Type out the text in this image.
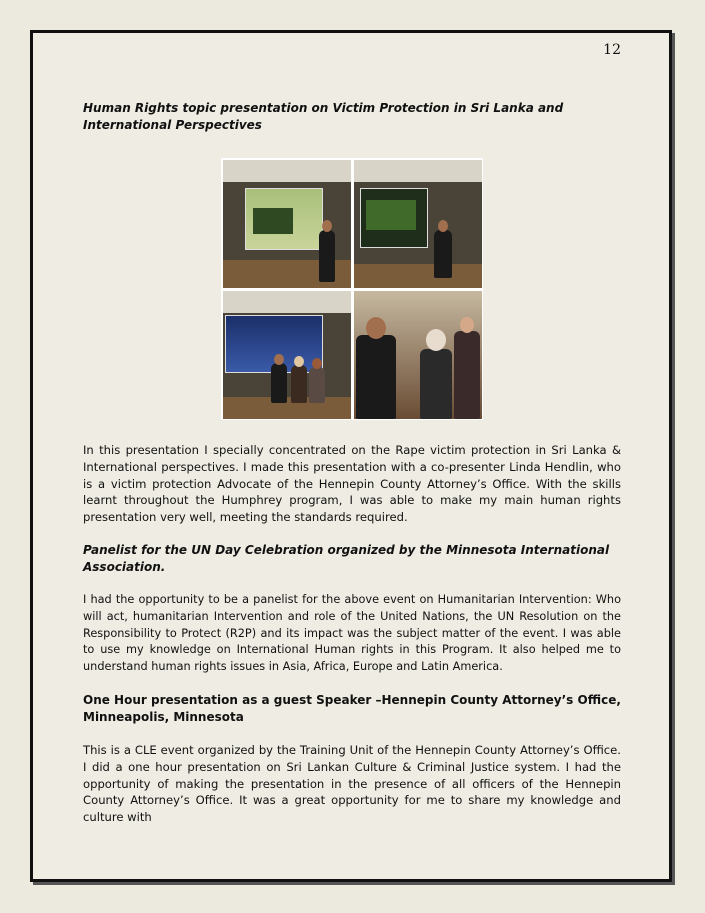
12

Human Rights topic presentation on Victim Protection in Sri Lanka and International Perspectives

In this presentation I specially concentrated on the Rape victim protection in Sri Lanka & International perspectives. I made this presentation with a co-presenter Linda Hendlin, who is a victim protection Advocate of the Hennepin County Attorney’s Office. With the skills learnt throughout the Humphrey program, I was able to make my main human rights presentation very well, meeting the standards required.

Panelist for the UN Day Celebration organized by the Minnesota International Association.

I had the opportunity to be a panelist for the above event on Humanitarian Intervention: Who will act, humanitarian Intervention and role of the United Nations, the UN Resolution on the Responsibility to Protect (R2P) and its impact was the subject matter of the event. I was able to use my knowledge on International Human rights in this Program. It also helped me to understand human rights issues in Asia, Africa, Europe and Latin America.

One Hour presentation as a guest Speaker –Hennepin County Attorney’s Office, Minneapolis, Minnesota

This is a CLE event organized by the Training Unit of the Hennepin County Attorney’s Office. I did a one hour presentation on Sri Lankan Culture & Criminal Justice system. I had the opportunity of making the presentation in the presence of all officers of the Hennepin County Attorney’s Office. It was a great opportunity for me to share my knowledge and culture with
